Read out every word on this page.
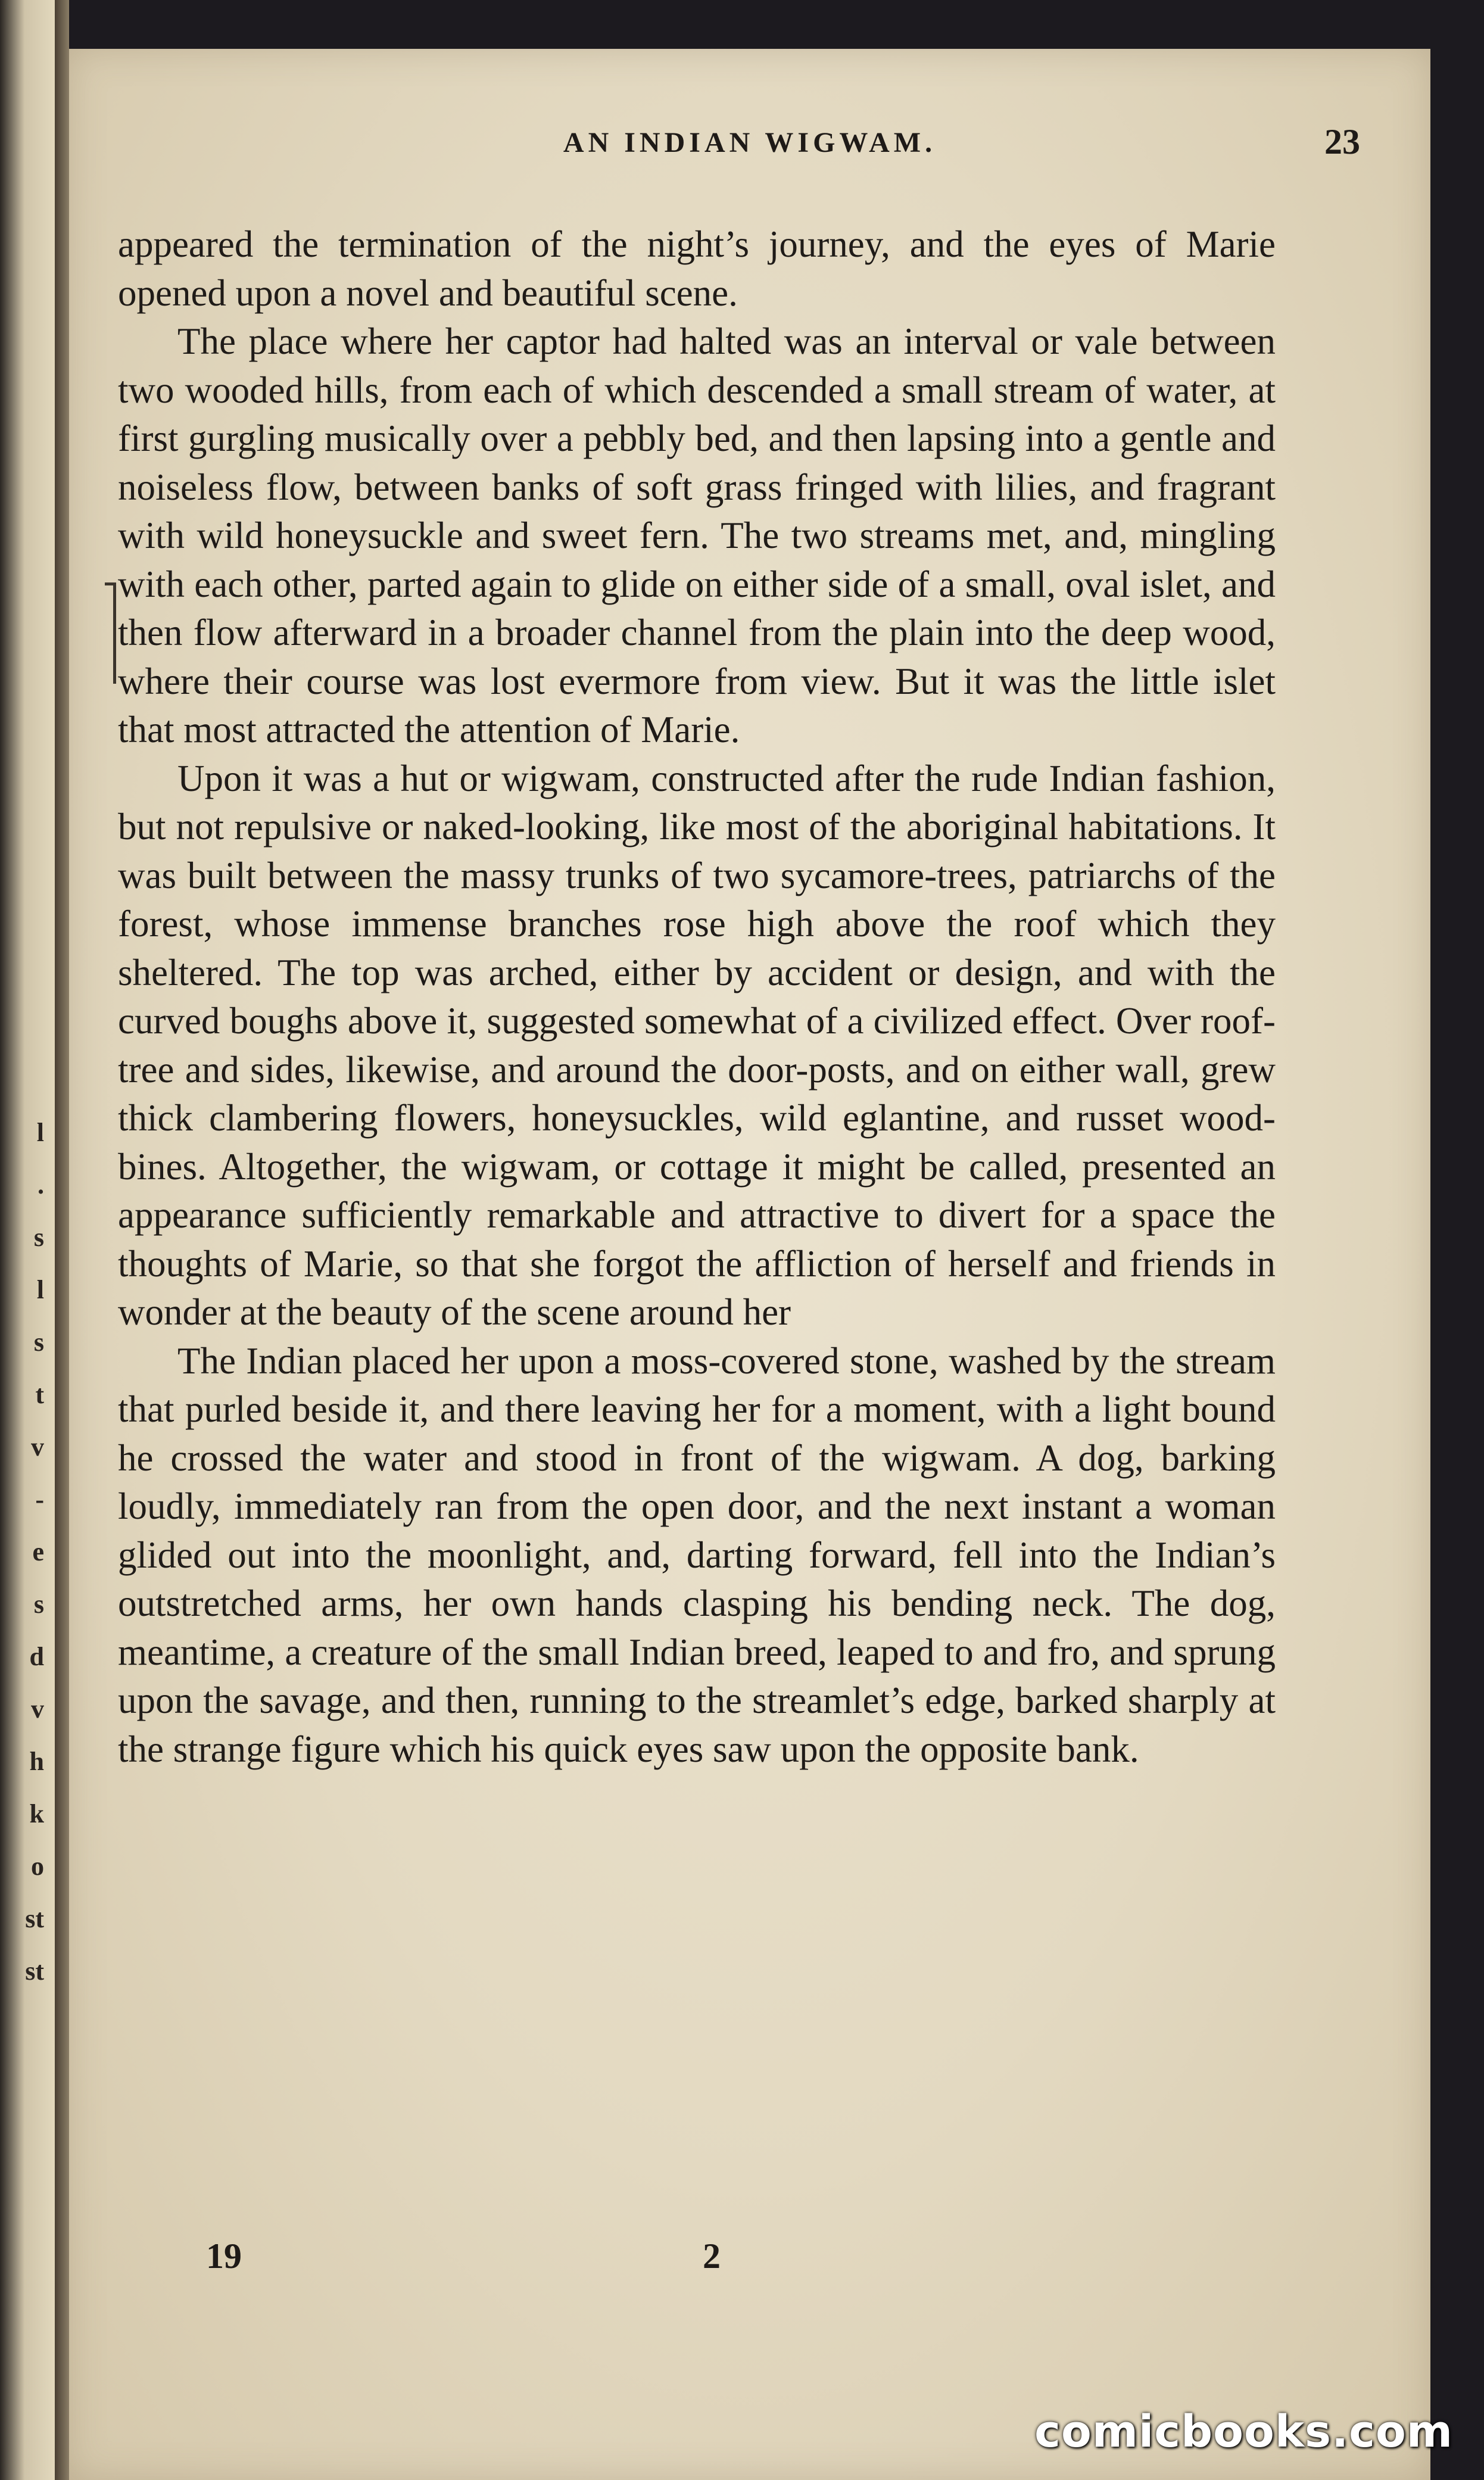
l
.
s
l
s
t
v
-
e
s
d
v
h
k
o
st
st
AN INDIAN WIGWAM.	23

appeared the termination of the night’s journey, and the eyes of Marie opened upon a novel and beautiful scene.

The place where her captor had halted was an interval or vale between two wooded hills, from each of which descended a small stream of water, at first gurgling musically over a pebbly bed, and then lapsing into a gentle and noiseless flow, between banks of soft grass fringed with lilies, and fragrant with wild honeysuckle and sweet fern. The two streams met, and, mingling with each other, parted again to glide on either side of a small, oval islet, and then flow afterward in a broader channel from the plain into the deep wood, where their course was lost evermore from view. But it was the little islet that most attracted the attention of Marie.

Upon it was a hut or wigwam, constructed after the rude Indian fashion, but not repulsive or naked-looking, like most of the aboriginal habitations. It was built between the massy trunks of two sycamore-trees, patriarchs of the forest, whose immense branches rose high above the roof which they sheltered. The top was arched, either by accident or design, and with the curved boughs above it, suggested somewhat of a civilized effect. Over roof-tree and sides, likewise, and around the door-posts, and on either wall, grew thick clambering flowers, honeysuckles, wild eglantine, and russet woodbines. Altogether, the wigwam, or cottage it might be called, presented an appearance sufficiently remarkable and attractive to divert for a space the thoughts of Marie, so that she forgot the affliction of herself and friends in wonder at the beauty of the scene around her

The Indian placed her upon a moss-covered stone, washed by the stream that purled beside it, and there leaving her for a moment, with a light bound he crossed the water and stood in front of the wigwam. A dog, barking loudly, immediately ran from the open door, and the next instant a woman glided out into the moonlight, and, darting forward, fell into the Indian’s outstretched arms, her own hands clasping his bending neck. The dog, meantime, a creature of the small Indian breed, leaped to and fro, and sprung upon the savage, and then, running to the streamlet’s edge, barked sharply at the strange figure which his quick eyes saw upon the opposite bank.

19	2
comicbooks.com
